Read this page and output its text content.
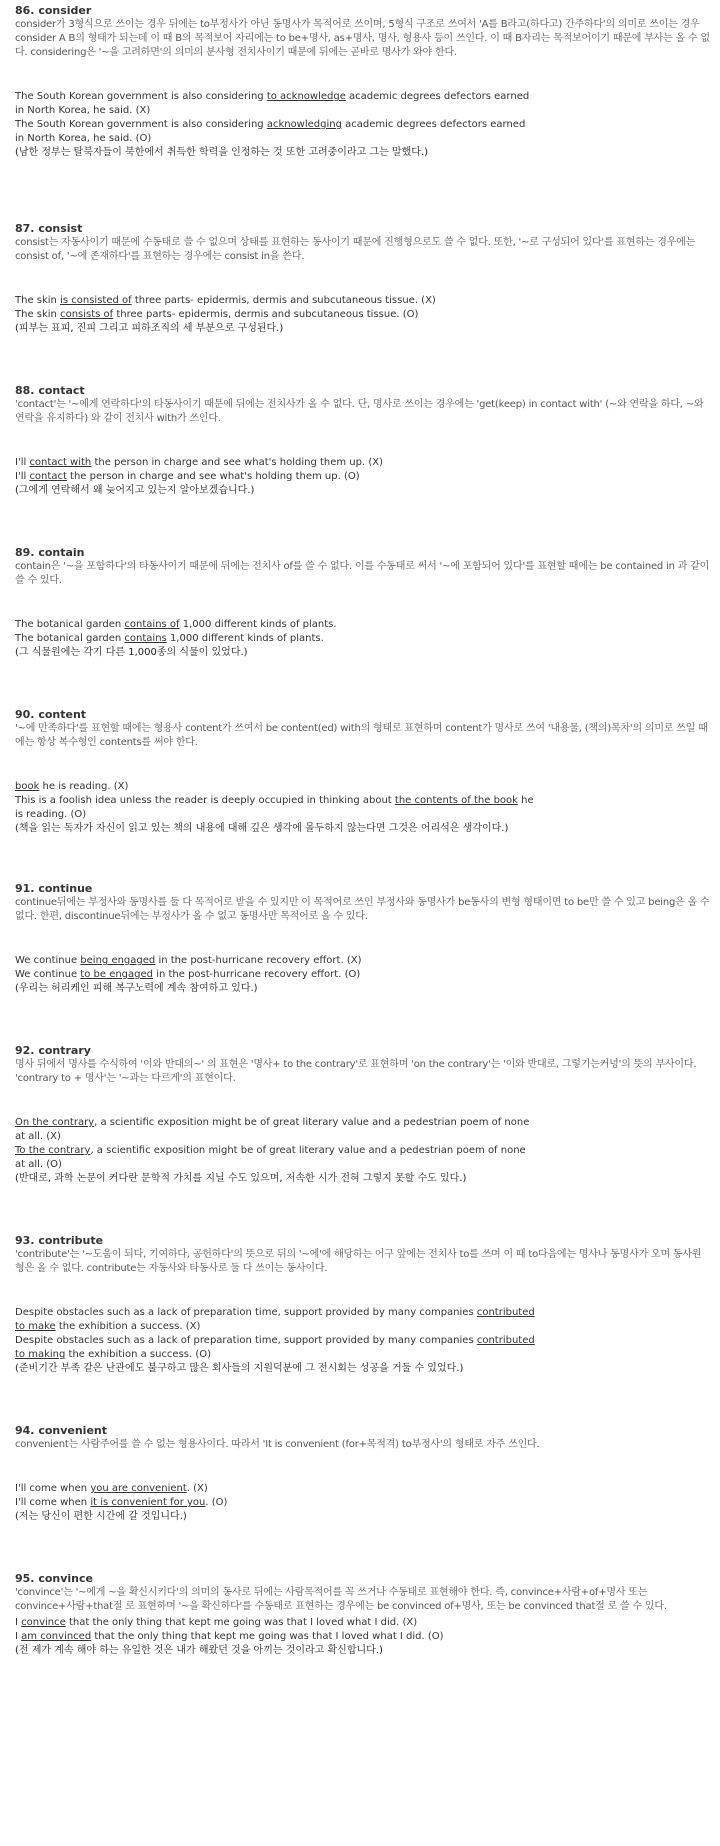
86. consider
consider가 3형식으로 쓰이는 경우 뒤에는 to부정사가 아닌 동명사가 목적어로 쓰이며, 5형식 구조로 쓰여서 'A를 B라고(하다고) 간주하다'의 의미로 쓰이는 경우 consider A B의 형태가 되는데 이 때 B의 목적보어 자리에는 to be+명사, as+명사, 명사, 형용사 등이 쓰인다. 이 때 B자리는 목적보어이기 때문에 부사는 올 수 없다. considering은 '~을 고려하면'의 의미의 분사형 전치사이기 때문에 뒤에는 곧바로 명사가 와야 한다.
The South Korean government is also considering to acknowledge academic degrees defectors earned in North Korea, he said. (X)
The South Korean government is also considering acknowledging academic degrees defectors earned in North Korea, he said. (O)
(남한 정부는 탈북자들이 북한에서 취득한 학력을 인정하는 것 또한 고려중이라고 그는 말했다.)
87. consist
consist는 자동사이기 때문에 수동태로 쓸 수 없으며 상태를 표현하는 동사이기 때문에 진행형으로도 쓸 수 없다. 또한, '~로 구성되어 있다'를 표현하는 경우에는 consist of, '~에 존재하다'를 표현하는 경우에는 consist in을 쓴다.
The skin is consisted of three parts- epidermis, dermis and subcutaneous tissue. (X)
The skin consists of three parts- epidermis, dermis and subcutaneous tissue. (O)
(피부는 표피, 진피 그리고 피하조직의 세 부분으로 구성된다.)
88. contact
'contact'는 '~에게 연락하다'의 타동사이기 때문에 뒤에는 전치사가 올 수 없다. 단, 명사로 쓰이는 경우에는 'get(keep) in contact with' (~와 연락을 하다, ~와 연락을 유지하다) 와 같이 전치사 with가 쓰인다.
I'll contact with the person in charge and see what's holding them up. (X)
I'll contact the person in charge and see what's holding them up. (O)
(그에게 연락해서 왜 늦어지고 있는지 알아보겠습니다.)
89. contain
contain은 '~을 포함하다'의 타동사이기 때문에 뒤에는 전치사 of를 쓸 수 없다. 이를 수동태로 써서 '~에 포함되어 있다'를 표현할 때에는 be contained in 과 같이 쓸 수 있다.
The botanical garden contains of 1,000 different kinds of plants.
The botanical garden contains 1,000 different kinds of plants.
(그 식물원에는 각기 다른 1,000종의 식물이 있었다.)
90. content
'~에 만족하다'를 표현할 때에는 형용사 content가 쓰여서 be content(ed) with의 형태로 표현하며 content가 명사로 쓰여 '내용물, (책의)목차'의 의미로 쓰일 때에는 항상 복수형인 contents를 써야 한다.
book he is reading. (X)
This is a foolish idea unless the reader is deeply occupied in thinking about the contents of the book he is reading. (O)
(책을 읽는 독자가 자신이 읽고 있는 책의 내용에 대해 깊은 생각에 몰두하지 않는다면 그것은 어리석은 생각이다.)
91. continue
continue뒤에는 부정사와 동명사를 둘 다 목적어로 받을 수 있지만 이 목적어로 쓰인 부정사와 동명사가 be동사의 변형 형태이면 to be만 쓸 수 있고 being은 올 수 없다. 한편, discontinue뒤에는 부정사가 올 수 없고 동명사만 목적어로 올 수 있다.
We continue being engaged in the post-hurricane recovery effort. (X)
We continue to be engaged in the post-hurricane recovery effort. (O)
(우리는 허리케인 피해 복구노력에 계속 참여하고 있다.)
92. contrary
명사 뒤에서 명사를 수식하여 '이와 반대의~' 의 표현은 '명사+ to the contrary'로 표현하며 'on the contrary'는 '이와 반대로, 그렇기는커녕'의 뜻의 부사이다. 'contrary to + 명사'는 '~과는 다르게'의 표현이다.
On the contrary, a scientific exposition might be of great literary value and a pedestrian poem of none at all. (X)
To the contrary, a scientific exposition might be of great literary value and a pedestrian poem of none at all. (O)
(반대로, 과학 논문이 커다란 문학적 가치를 지닐 수도 있으며, 저속한 시가 전혀 그렇지 못할 수도 있다.)
93. contribute
'contribute'는 '~도움이 되다, 기여하다, 공헌하다'의 뜻으로 뒤의 '~에'에 해당하는 어구 앞에는 전치사 to를 쓰며 이 때 to다음에는 명사나 동명사가 오며 동사원형은 올 수 없다. contribute는 자동사와 타동사로 둘 다 쓰이는 동사이다.
Despite obstacles such as a lack of preparation time, support provided by many companies contributed to make the exhibition a success. (X)
Despite obstacles such as a lack of preparation time, support provided by many companies contributed to making the exhibition a success. (O)
(준비기간 부족 같은 난관에도 불구하고 많은 회사들의 지원덕분에 그 전시회는 성공을 거둘 수 있었다.)
94. convenient
convenient는 사람주어를 쓸 수 없는 형용사이다. 따라서 'It is convenient (for+목적격) to부정사'의 형태로 자주 쓰인다.
I'll come when you are convenient. (X)
I'll come when it is convenient for you. (O)
(저는 당신이 편한 시간에 갈 것입니다.)
95. convince
'convince'는 '~에게 ~을 확신시키다'의 의미의 동사로 뒤에는 사람목적어를 꼭 쓰거나 수동태로 표현해야 한다. 즉, convince+사람+of+명사 또는 convince+사람+that절 로 표현하며 '~을 확신하다'를 수동태로 표현하는 경우에는 be convinced of+명사, 또는 be convinced that절 로 쓸 수 있다.
I convince that the only thing that kept me going was that I loved what I did. (X)
I am convinced that the only thing that kept me going was that I loved what I did. (O)
(전 제가 계속 해야 하는 유일한 것은 내가 해왔던 것을 아끼는 것이라고 확신합니다.)
